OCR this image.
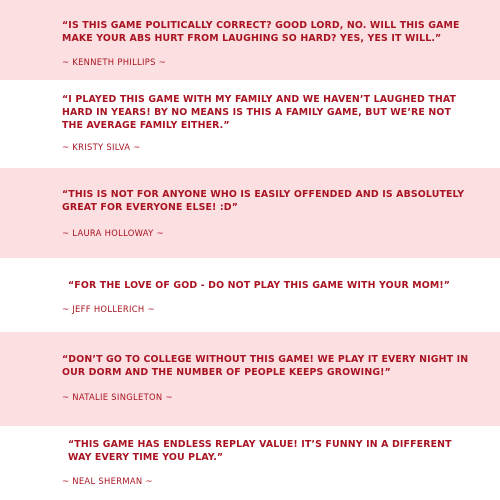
“IS THIS GAME POLITICALLY CORRECT? GOOD LORD, NO. WILL THIS GAME MAKE YOUR ABS HURT FROM LAUGHING SO HARD? YES, YES IT WILL.”
~ KENNETH PHILLIPS ~
“I PLAYED THIS GAME WITH MY FAMILY AND WE HAVEN’T LAUGHED THAT HARD IN YEARS! BY NO MEANS IS THIS A FAMILY GAME, BUT WE’RE NOT THE AVERAGE FAMILY EITHER.”
~ KRISTY SILVA ~
“THIS IS NOT FOR ANYONE WHO IS EASILY OFFENDED AND IS ABSOLUTELY GREAT FOR EVERYONE ELSE! :D”
~ LAURA HOLLOWAY ~
“FOR THE LOVE OF GOD - DO NOT PLAY THIS GAME WITH YOUR MOM!”
~ JEFF HOLLERICH ~
“DON’T GO TO COLLEGE WITHOUT THIS GAME! WE PLAY IT EVERY NIGHT IN OUR DORM AND THE NUMBER OF PEOPLE KEEPS GROWING!”
~ NATALIE SINGLETON ~
“THIS GAME HAS ENDLESS REPLAY VALUE! IT’S FUNNY IN A DIFFERENT WAY EVERY TIME YOU PLAY.”
~ NEAL SHERMAN ~
